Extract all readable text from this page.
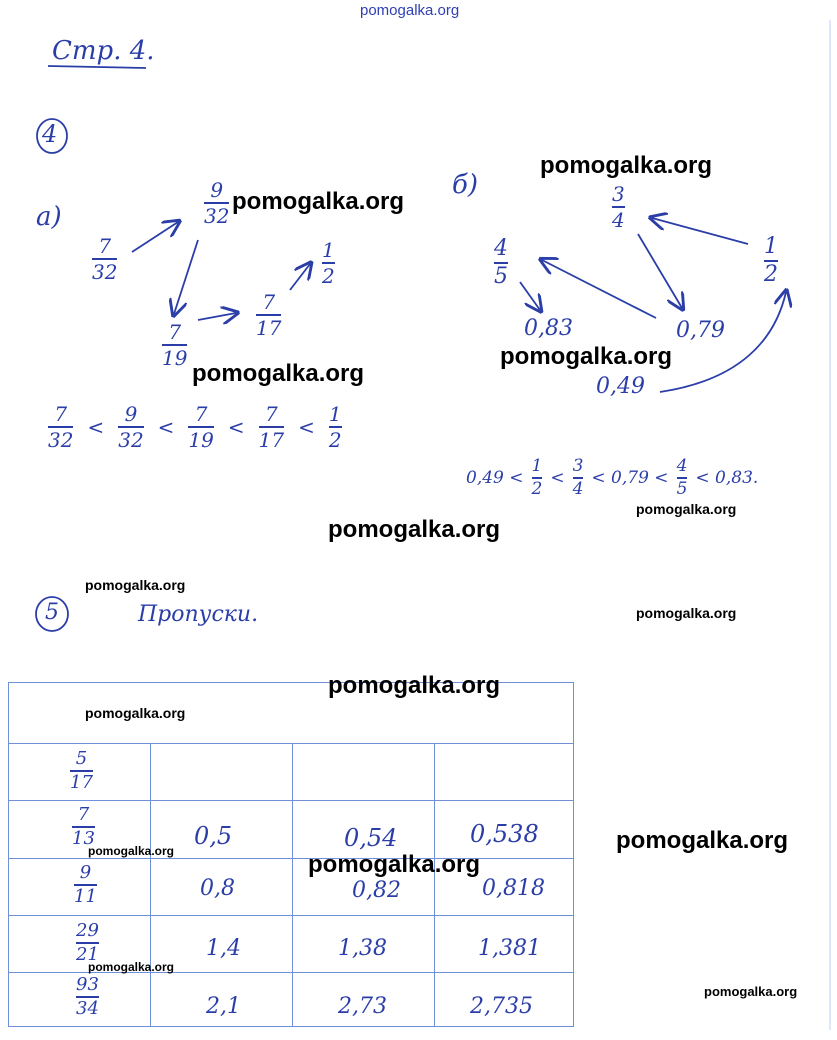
pomogalka.org
Стр. 4.
4
a)
б)
7
32
9
32
7
19
7
17
1
2
$\frac{7}{32} < \frac{9}{32} < \frac{7}{19} < \frac{7}{17} < \frac{1}{2}$
3
4
4
5
1
2
0,83	0,79
0,49
$0,49 < \frac{1}{2} < \frac{3}{4} < 0,79 < \frac{4}{5} < 0,83$.
5	Пропуски.
5
17
7
13	0,5	0,54	0,538
9
11	0,8	0,82	0,818
29
21	1,4	1,38	1,381
93
34	2,1	2,73	2,735
pomogalka.org
pomogalka.org
pomogalka.org
pomogalka.org
pomogalka.org
pomogalka.org
pomogalka.org
pomogalka.org
pomogalka.org
pomogalka.org
pomogalka.org
pomogalka.org	pomogalka.org
pomogalka.org
pomogalka.org
